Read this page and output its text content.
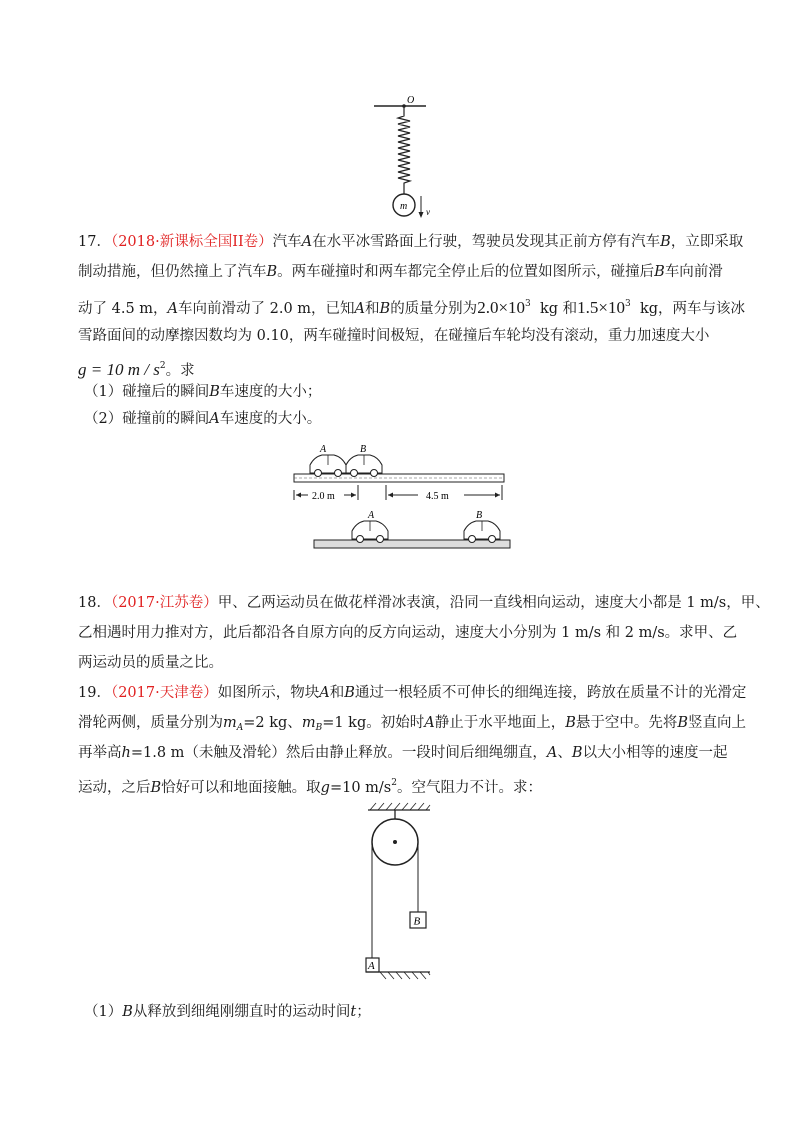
O
m v
17．（2018·新课标全国II卷）汽车A在水平冰雪路面上行驶，驾驶员发现其正前方停有汽车B，立即采取
制动措施，但仍然撞上了汽车B。两车碰撞时和两车都完全停止后的位置如图所示，碰撞后B车向前滑
动了 4.5 m，A车向前滑动了 2.0 m，已知A和B的质量分别为$2.0\times 10^3$ kg 和$1.5\times 10^3$ kg，两车与该冰
雪路面间的动摩擦因数均为 0.10，两车碰撞时间极短，在碰撞后车轮均没有滚动，重力加速度大小
g = 10 m / $s^2$。求
（1）碰撞后的瞬间B车速度的大小；
（2）碰撞前的瞬间A车速度的大小。
A	B
2.0 m	4.5 m
A	B
18．（2017·江苏卷）甲、乙两运动员在做花样滑冰表演，沿同一直线相向运动，速度大小都是 1 m/s，甲、
乙相遇时用力推对方，此后都沿各自原方向的反方向运动，速度大小分别为 1 m/s 和 2 m/s。求甲、乙
两运动员的质量之比。
19．（2017·天津卷）如图所示，物块A和B通过一根轻质不可伸长的细绳连接，跨放在质量不计的光滑定
滑轮两侧，质量分别为$m_A=2$ kg、$m_B=1$ kg。初始时A静止于水平地面上，B悬于空中。先将B竖直向上
再举高h=1.8 m（未触及滑轮）然后由静止释放。一段时间后细绳绷直，A、B以大小相等的速度一起
运动，之后B恰好可以和地面接触。取g=10 $m/s^2$。空气阻力不计。求：
B
A
（1）B从释放到细绳刚绷直时的运动时间t；
